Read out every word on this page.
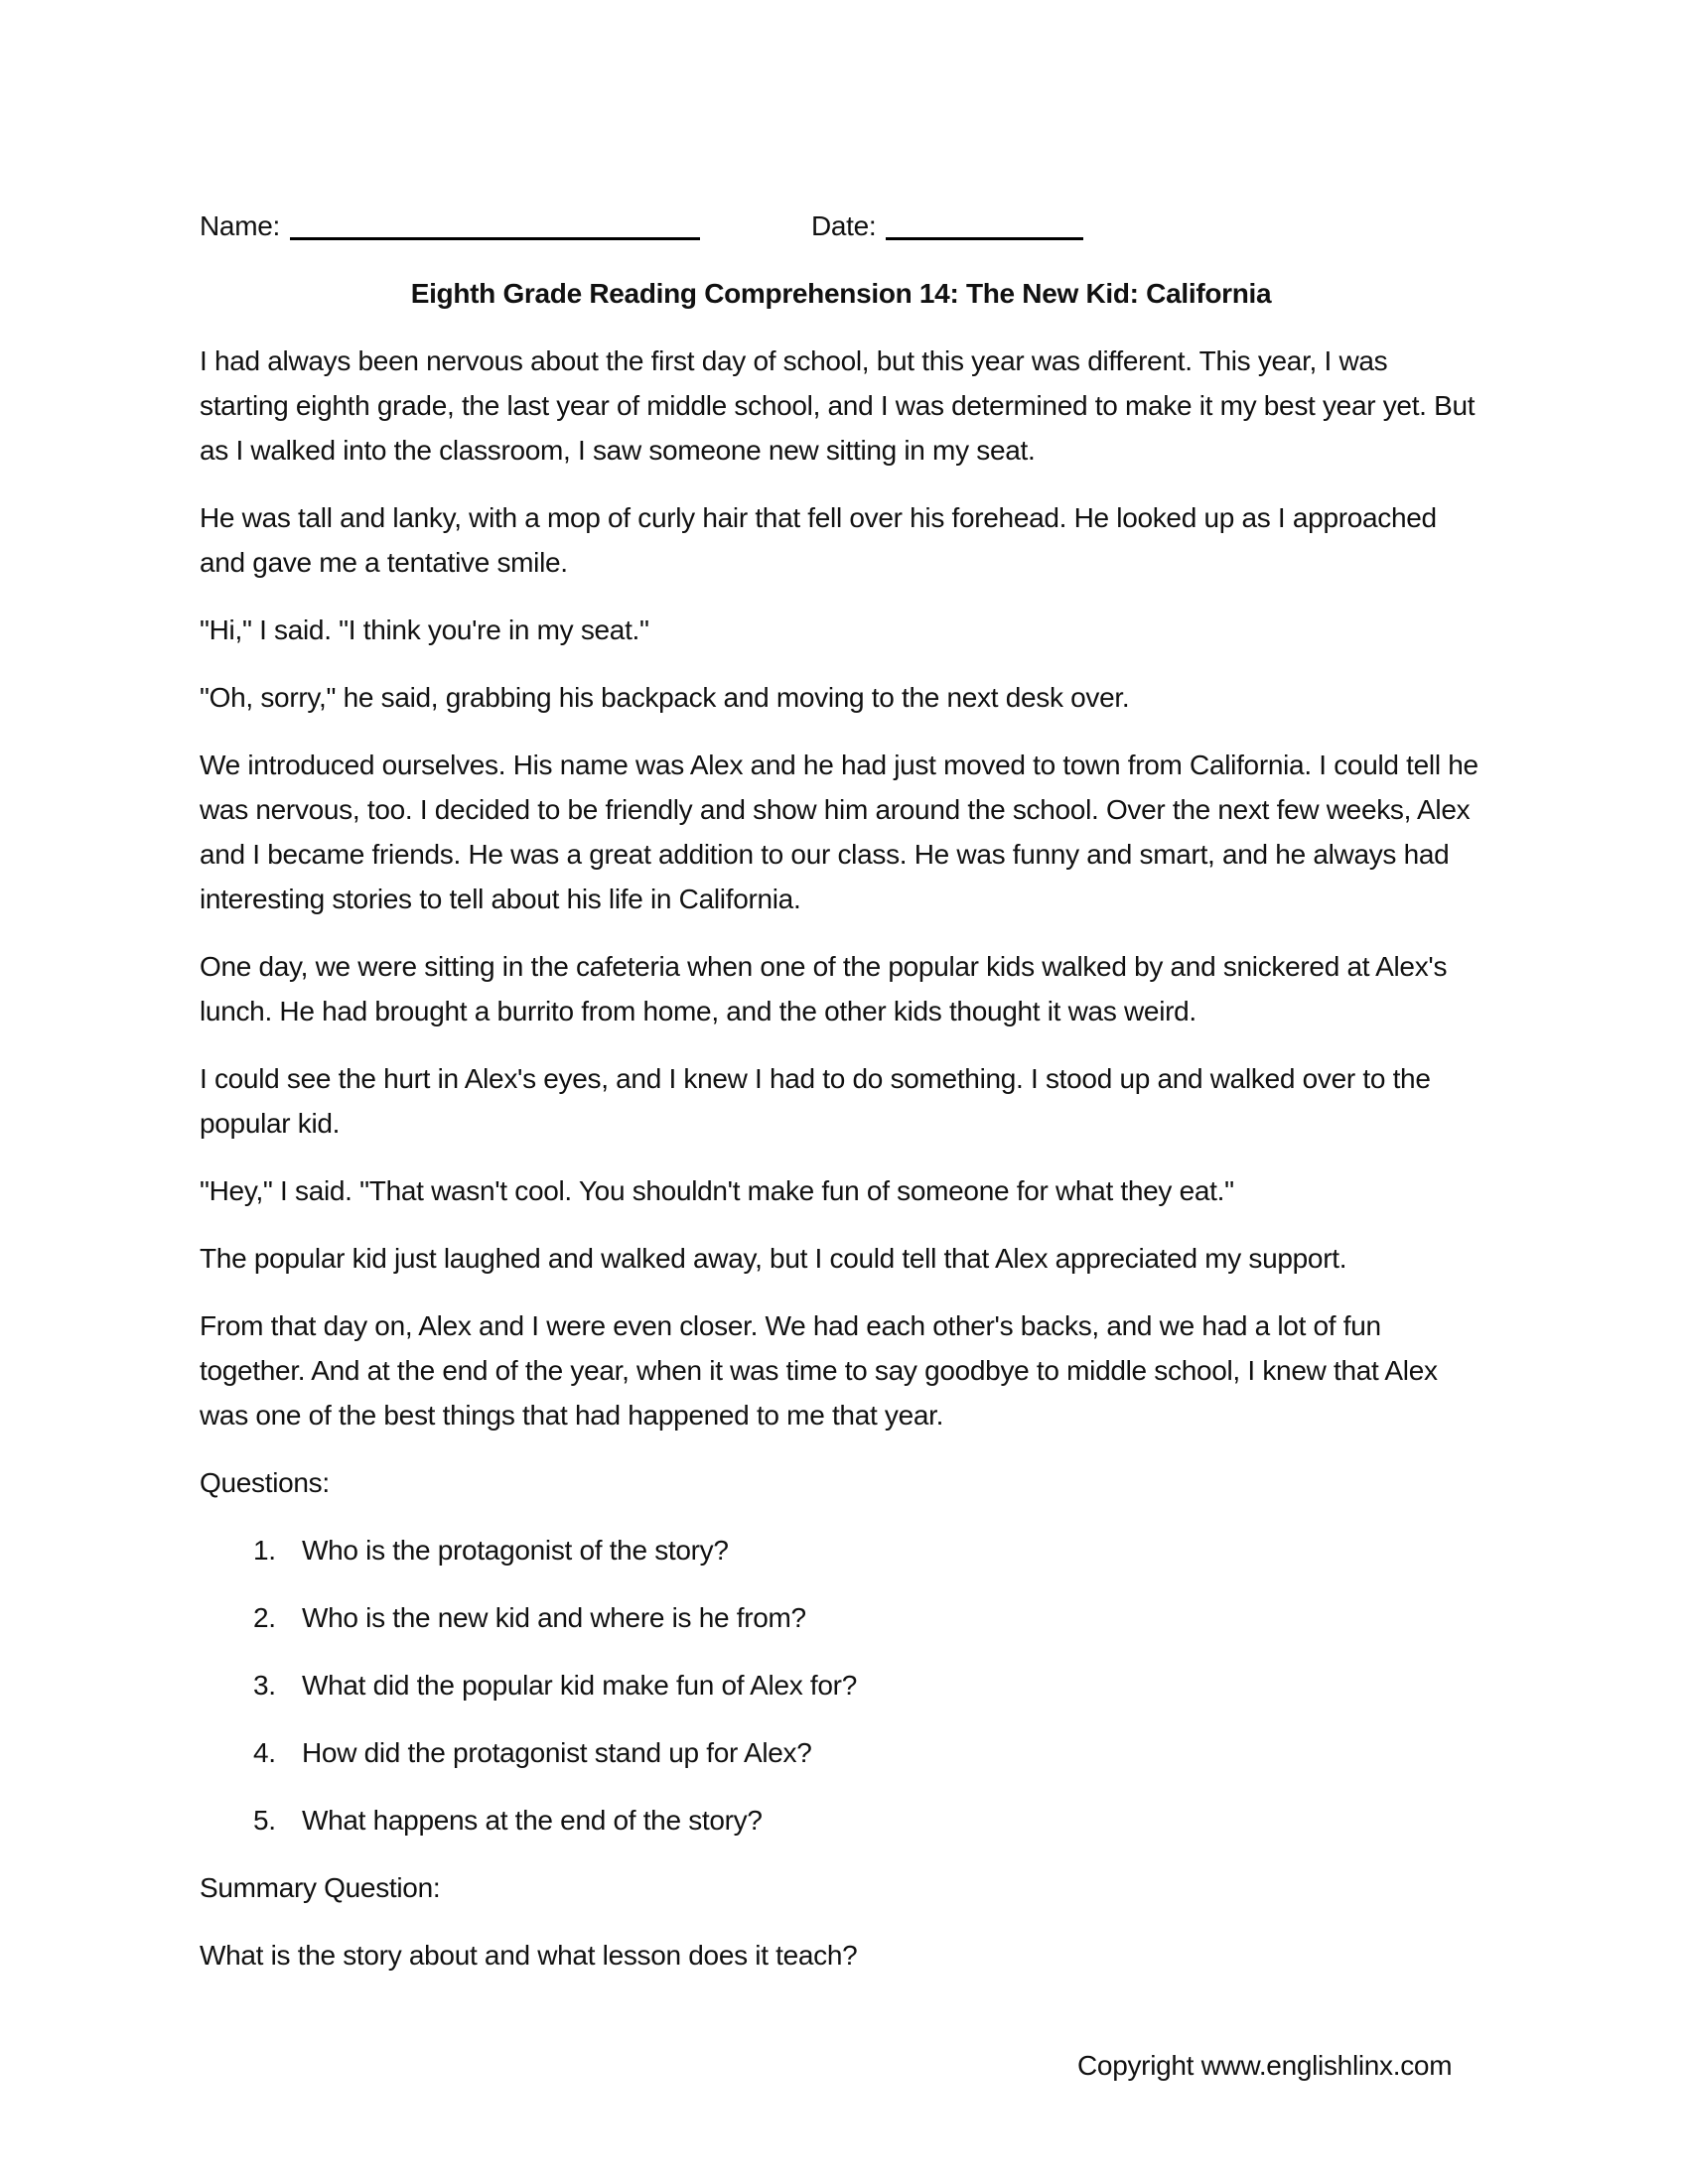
Name:	Date:
Eighth Grade Reading Comprehension 14: The New Kid: California

I had always been nervous about the first day of school, but this year was different. This year, I was starting eighth grade, the last year of middle school, and I was determined to make it my best year yet. But as I walked into the classroom, I saw someone new sitting in my seat.

He was tall and lanky, with a mop of curly hair that fell over his forehead. He looked up as I approached and gave me a tentative smile.

"Hi," I said. "I think you're in my seat."

"Oh, sorry," he said, grabbing his backpack and moving to the next desk over.

We introduced ourselves. His name was Alex and he had just moved to town from California. I could tell he was nervous, too. I decided to be friendly and show him around the school. Over the next few weeks, Alex and I became friends. He was a great addition to our class. He was funny and smart, and he always had interesting stories to tell about his life in California.

One day, we were sitting in the cafeteria when one of the popular kids walked by and snickered at Alex's lunch. He had brought a burrito from home, and the other kids thought it was weird.

I could see the hurt in Alex's eyes, and I knew I had to do something. I stood up and walked over to the popular kid.

"Hey," I said. "That wasn't cool. You shouldn't make fun of someone for what they eat."

The popular kid just laughed and walked away, but I could tell that Alex appreciated my support.

From that day on, Alex and I were even closer. We had each other's backs, and we had a lot of fun together. And at the end of the year, when it was time to say goodbye to middle school, I knew that Alex was one of the best things that had happened to me that year.

Questions:

1. Who is the protagonist of the story?
2. Who is the new kid and where is he from?
3. What did the popular kid make fun of Alex for?
4. How did the protagonist stand up for Alex?
5. What happens at the end of the story?

Summary Question:

What is the story about and what lesson does it teach?

Copyright www.englishlinx.com
